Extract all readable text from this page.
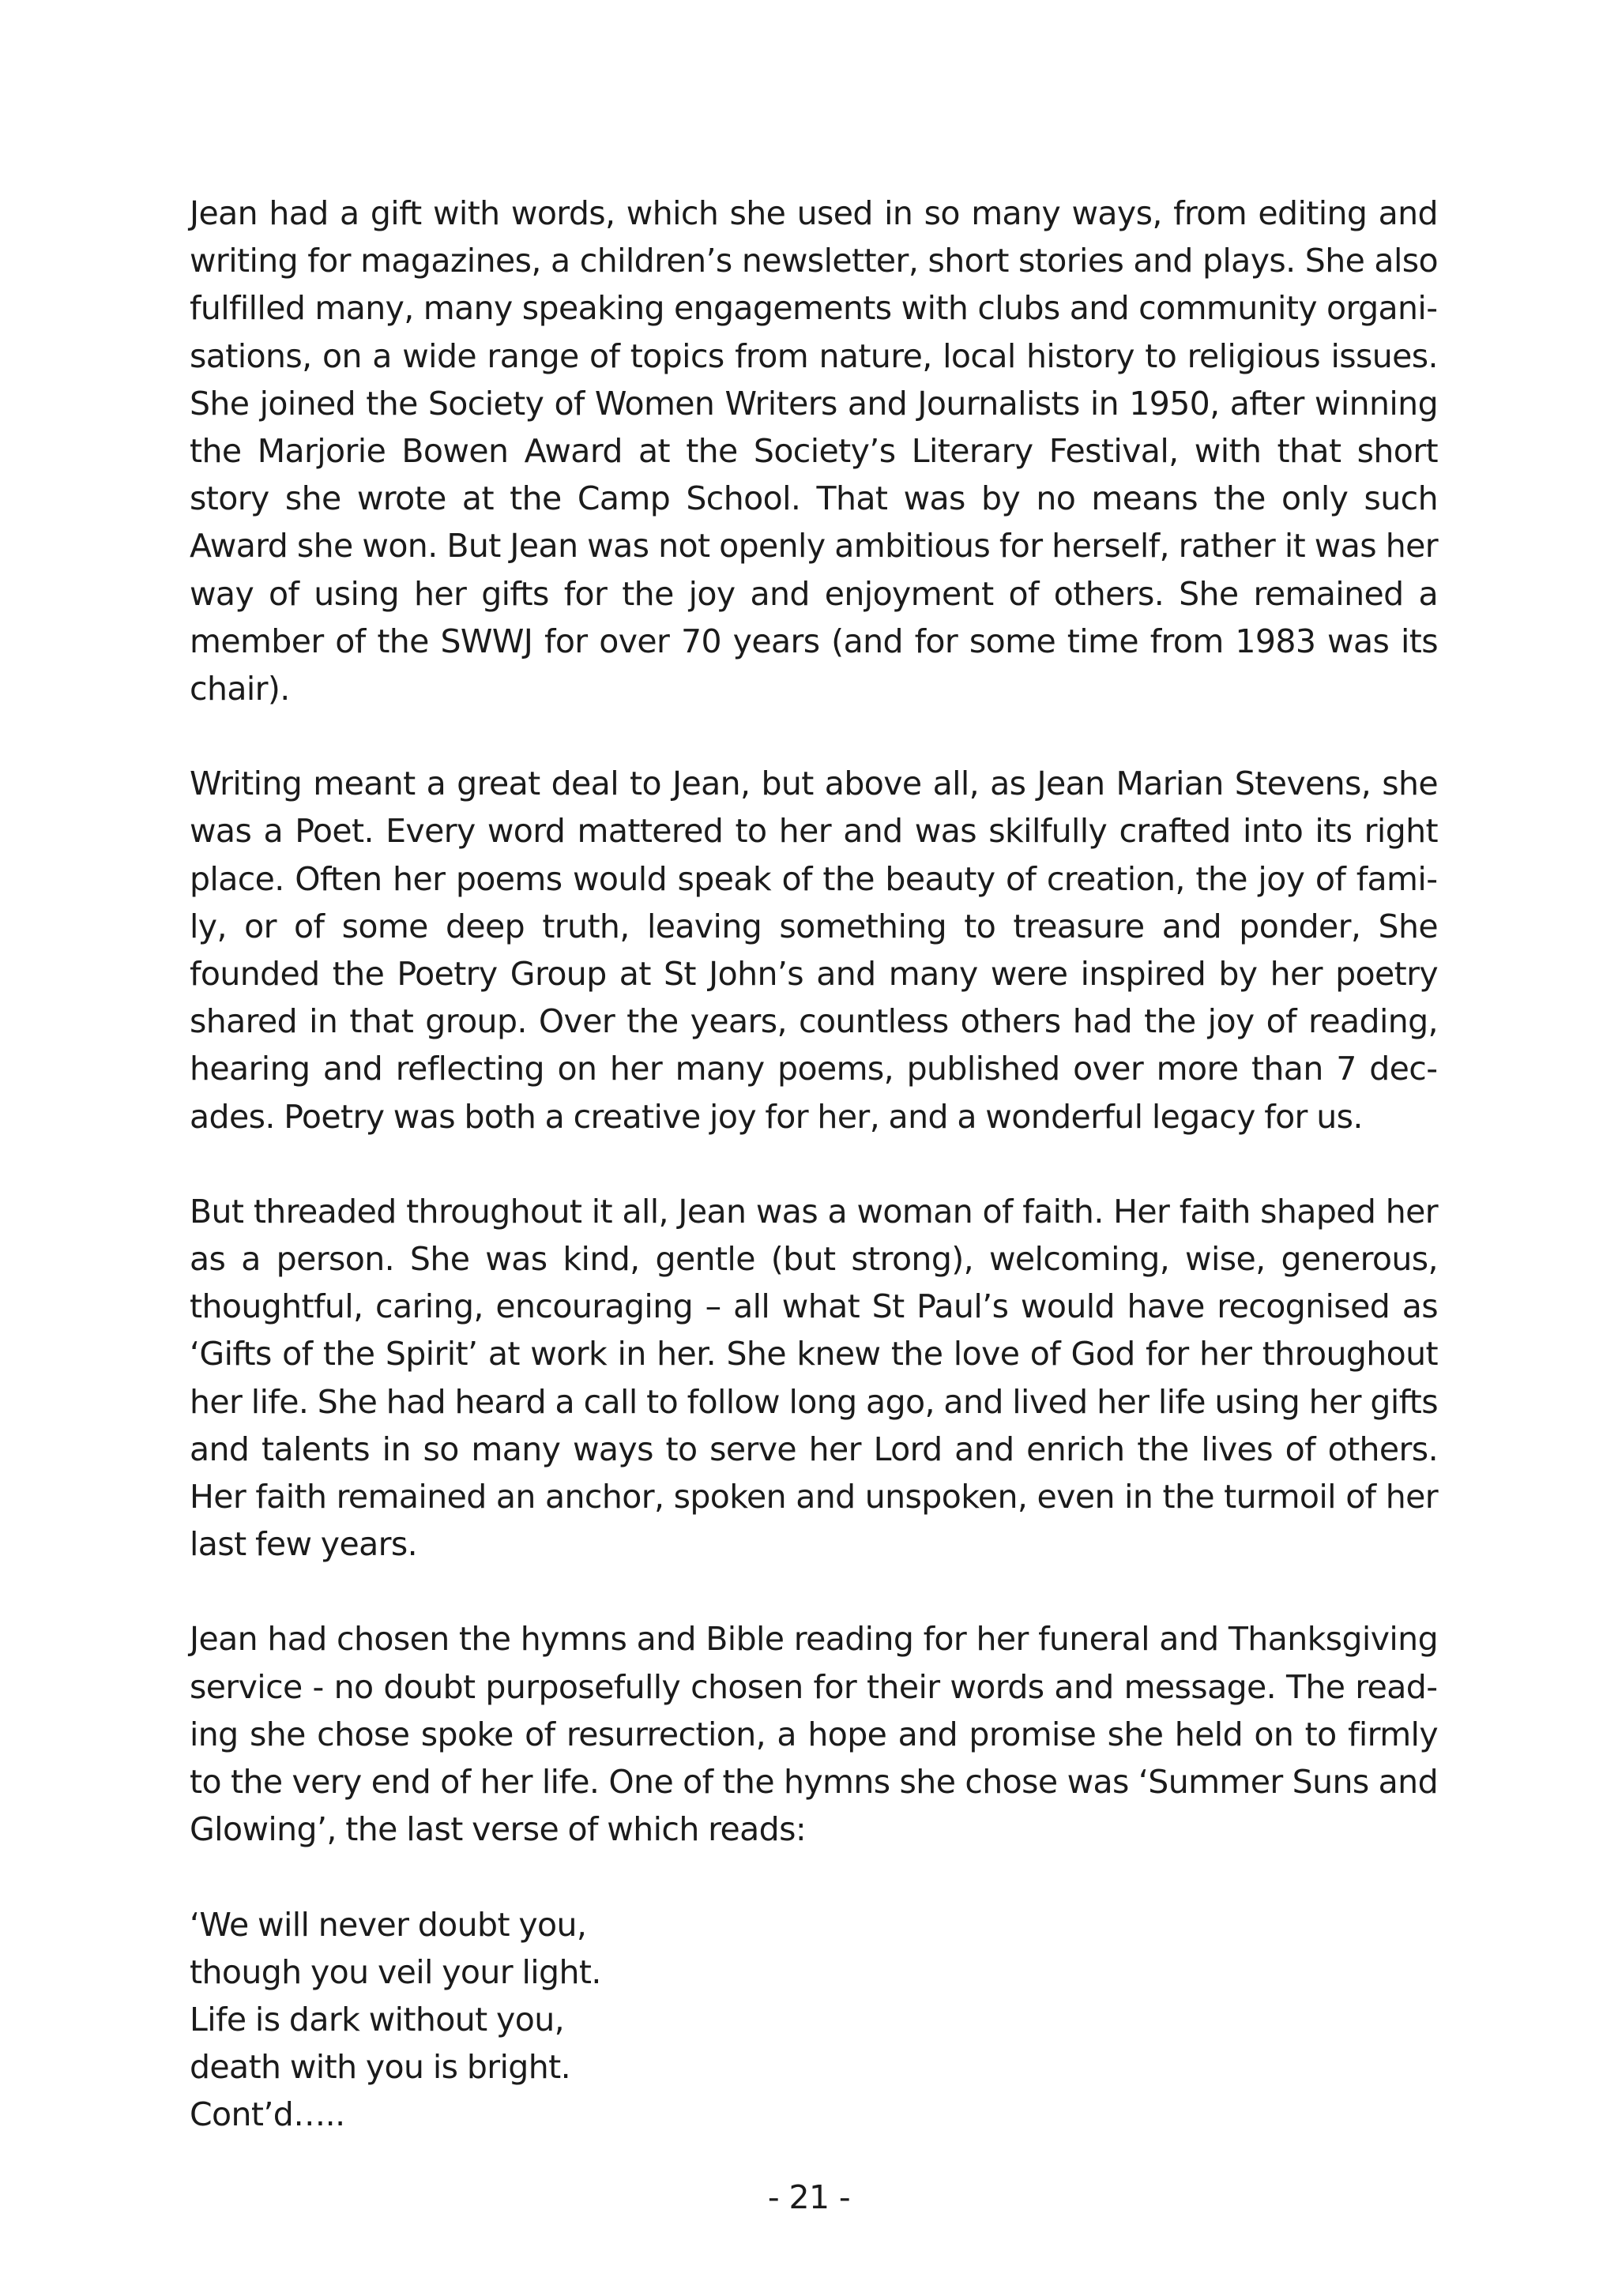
Jean had a gift with words, which she used in so many ways, from editing and writing for magazines, a children’s newsletter, short stories and plays. She also fulfilled many, many speaking engagements with clubs and community organisations, on a wide range of topics from nature, local history to religious issues. She joined the Society of Women Writers and Journalists in 1950, after winning the Marjorie Bowen Award at the Society’s Literary Festival, with that short story she wrote at the Camp School. That was by no means the only such Award she won. But Jean was not openly ambitious for herself, rather it was her way of using her gifts for the joy and enjoyment of others. She remained a member of the SWWJ for over 70 years (and for some time from 1983 was its chair).

Writing meant a great deal to Jean, but above all, as Jean Marian Stevens, she was a Poet. Every word mattered to her and was skilfully crafted into its right place. Often her poems would speak of the beauty of creation, the joy of family, or of some deep truth, leaving something to treasure and ponder, She founded the Poetry Group at St John’s and many were inspired by her poetry shared in that group. Over the years, countless others had the joy of reading, hearing and reflecting on her many poems, published over more than 7 decades. Poetry was both a creative joy for her, and a wonderful legacy for us.

But threaded throughout it all, Jean was a woman of faith. Her faith shaped her as a person. She was kind, gentle (but strong), welcoming, wise, generous, thoughtful, caring, encouraging – all what St Paul’s would have recognised as ‘Gifts of the Spirit’ at work in her. She knew the love of God for her throughout her life. She had heard a call to follow long ago, and lived her life using her gifts and talents in so many ways to serve her Lord and enrich the lives of others. Her faith remained an anchor, spoken and unspoken, even in the turmoil of her last few years.

Jean had chosen the hymns and Bible reading for her funeral and Thanksgiving service - no doubt purposefully chosen for their words and message. The reading she chose spoke of resurrection, a hope and promise she held on to firmly to the very end of her life. One of the hymns she chose was ‘Summer Suns and Glowing’, the last verse of which reads:

‘We will never doubt you,
though you veil your light.
Life is dark without you,
death with you is bright.
Cont’d…..
- 21 -
